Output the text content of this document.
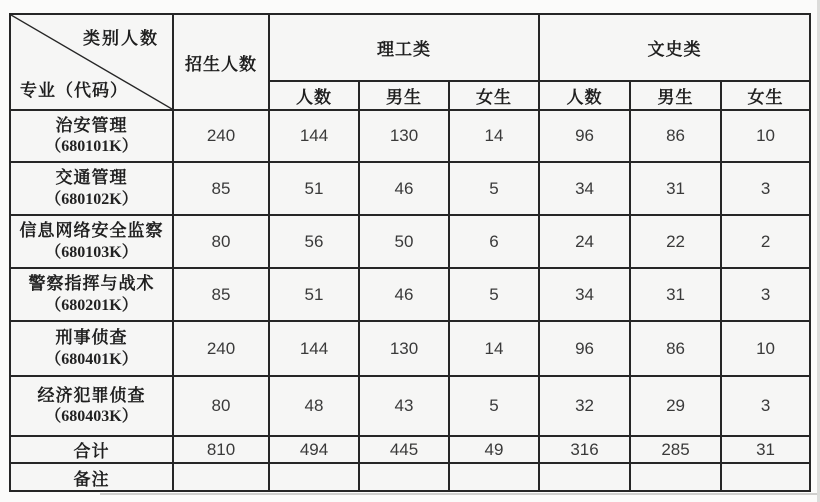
类别人数
专业（代码）	招生人数	理工类			文史类		
		人数	男生	女生	人数	男生	女生

治安管理
（680101K）	240	144	130	14	96	86	10

交通管理
（680102K）	85	51	46	5	34	31	3

信息网络安全监察
（680103K）	80	56	50	6	24	22	2

警察指挥与战术
（680201K）	85	51	46	5	34	31	3

刑事侦查
（680401K）	240	144	130	14	96	86	10

经济犯罪侦查
（680403K）	80	48	43	5	32	29	3
合计	810	494	445	49	316	285	31
备注							
